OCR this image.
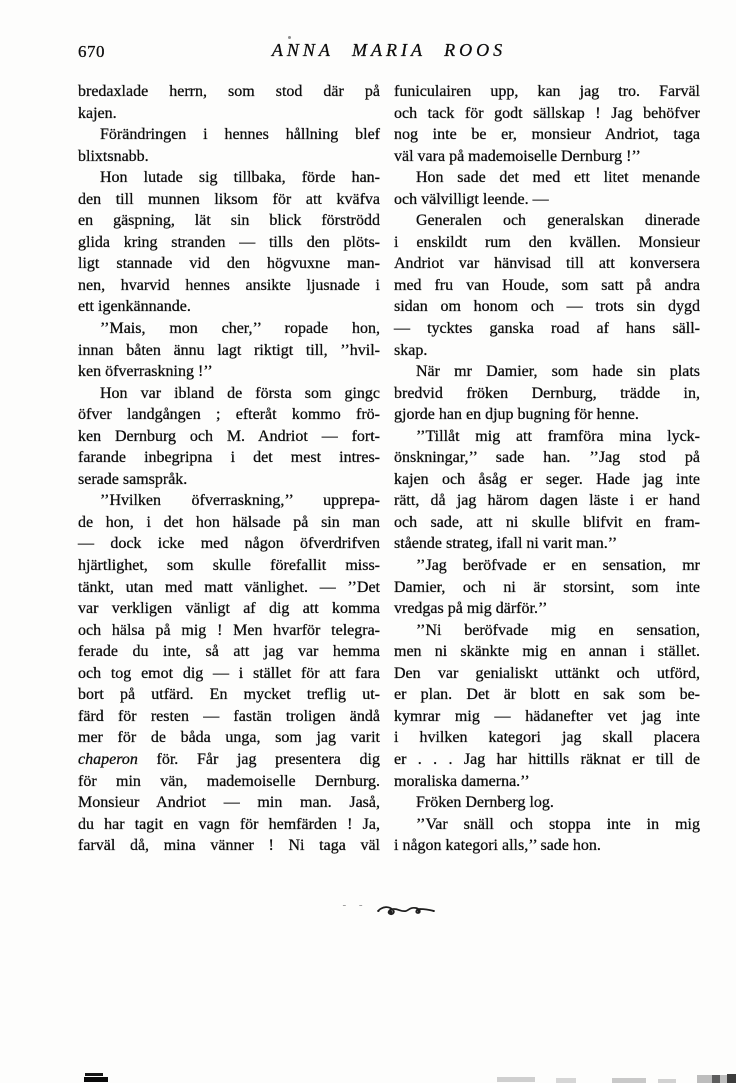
670	ANNA MARIA ROOS
bredaxlade herrn, som stod där på
kajen.
Förändringen i hennes hållning blef
blixtsnabb.
Hon lutade sig tillbaka, förde han-
den till munnen liksom för att kväfva
en gäspning, lät sin blick förströdd
glida kring stranden — tills den plöts-
ligt stannade vid den högvuxne man-
nen, hvarvid hennes ansikte ljusnade i
ett igenkännande.
’’Mais, mon cher,’’ ropade hon,
innan båten ännu lagt riktigt till, ’’hvil-
ken öfverraskning !’’
Hon var ibland de första som gingc
öfver landgången ; efteråt kommo frö-
ken Dernburg och M. Andriot — fort-
farande inbegripna i det mest intres-
serade samspråk.
’’Hvilken öfverraskning,’’ upprepa-
de hon, i det hon hälsade på sin man
— dock icke med någon öfverdrifven
hjärtlighet, som skulle förefallit miss-
tänkt, utan med matt vänlighet. — ’’Det
var verkligen vänligt af dig att komma
och hälsa på mig ! Men hvarför telegra-
ferade du inte, så att jag var hemma
och tog emot dig — i stället för att fara
bort på utfärd. En mycket treflig ut-
färd för resten — fastän troligen ändå
mer för de båda unga, som jag varit
chaperon för. Får jag presentera dig
för min vän, mademoiselle Dernburg.
Monsieur Andriot — min man. Jaså,
du har tagit en vagn för hemfärden ! Ja,
farväl då, mina vänner ! Ni taga väl
funiculairen upp, kan jag tro. Farväl
och tack för godt sällskap ! Jag behöfver
nog inte be er, monsieur Andriot, taga
väl vara på mademoiselle Dernburg !’’
Hon sade det med ett litet menande
och välvilligt leende. —
Generalen och generalskan dinerade
i enskildt rum den kvällen. Monsieur
Andriot var hänvisad till att konversera
med fru van Houde, som satt på andra
sidan om honom och — trots sin dygd
— tycktes ganska road af hans säll-
skap.
När mr Damier, som hade sin plats
bredvid fröken Dernburg, trädde in,
gjorde han en djup bugning för henne.
’’Tillåt mig att framföra mina lyck-
önskningar,’’ sade han. ’’Jag stod på
kajen och åsåg er seger. Hade jag inte
rätt, då jag härom dagen läste i er hand
och sade, att ni skulle blifvit en fram-
stående strateg, ifall ni varit man.’’
’’Jag beröfvade er en sensation, mr
Damier, och ni är storsint, som inte
vredgas på mig därför.’’
’’Ni beröfvade mig en sensation,
men ni skänkte mig en annan i stället.
Den var genialiskt uttänkt och utförd,
er plan. Det är blott en sak som be-
kymrar mig — hädanefter vet jag inte
i hvilken kategori jag skall placera
er . . . Jag har hittills räknat er till de
moraliska damerna.’’
Fröken Dernberg log.
’’Var snäll och stoppa inte in mig
i någon kategori alls,’’ sade hon.
- -
